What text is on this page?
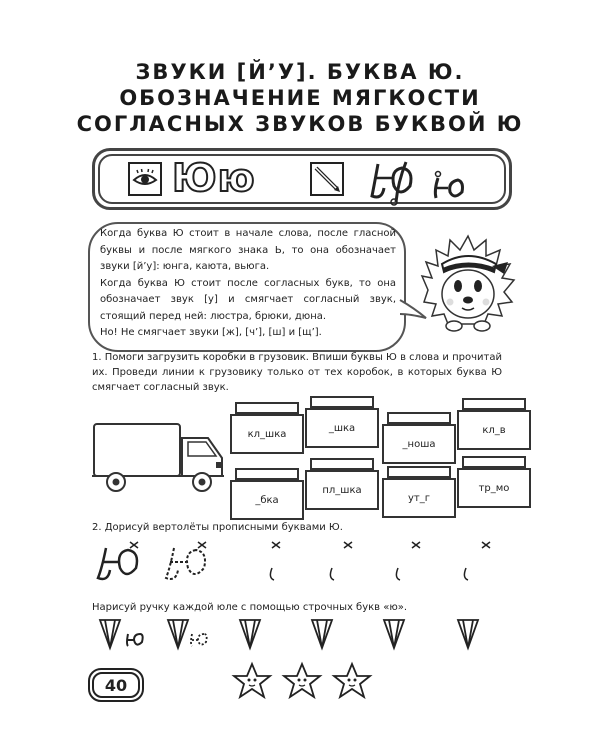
ЗВУКИ [Й’У]. БУКВА Ю.
ОБОЗНАЧЕНИЕ МЯГКОСТИ
СОГЛАСНЫХ ЗВУКОВ БУКВОЙ Ю
Юю

Когда буква Ю стоит в начале слова, после гласной буквы и после мягкого знака Ь, то она обозначает звуки [й’у]: юнга, каюта, вьюга.

Когда буква Ю стоит после согласных букв, то она обозначает звук [у] и смягчает согласный звук, стоящий перед ней: люстра, брюки, дюна.

Но! Не смягчает звуки [ж], [ч’], [ш] и [щ’].

1. Помоги загрузить коробки в грузовик. Впиши буквы Ю в слова и прочитай их. Проведи линии к грузовику только от тех коробок, в которых буква Ю смягчает согласный звук.
кл_шка
_шка
_ноша
кл_в
_бка
пл_шка
ут_г
тр_мо
2. Дорисуй вертолёты прописными буквами Ю.
Нарисуй ручку каждой юле с помощью строчных букв «ю».
40
